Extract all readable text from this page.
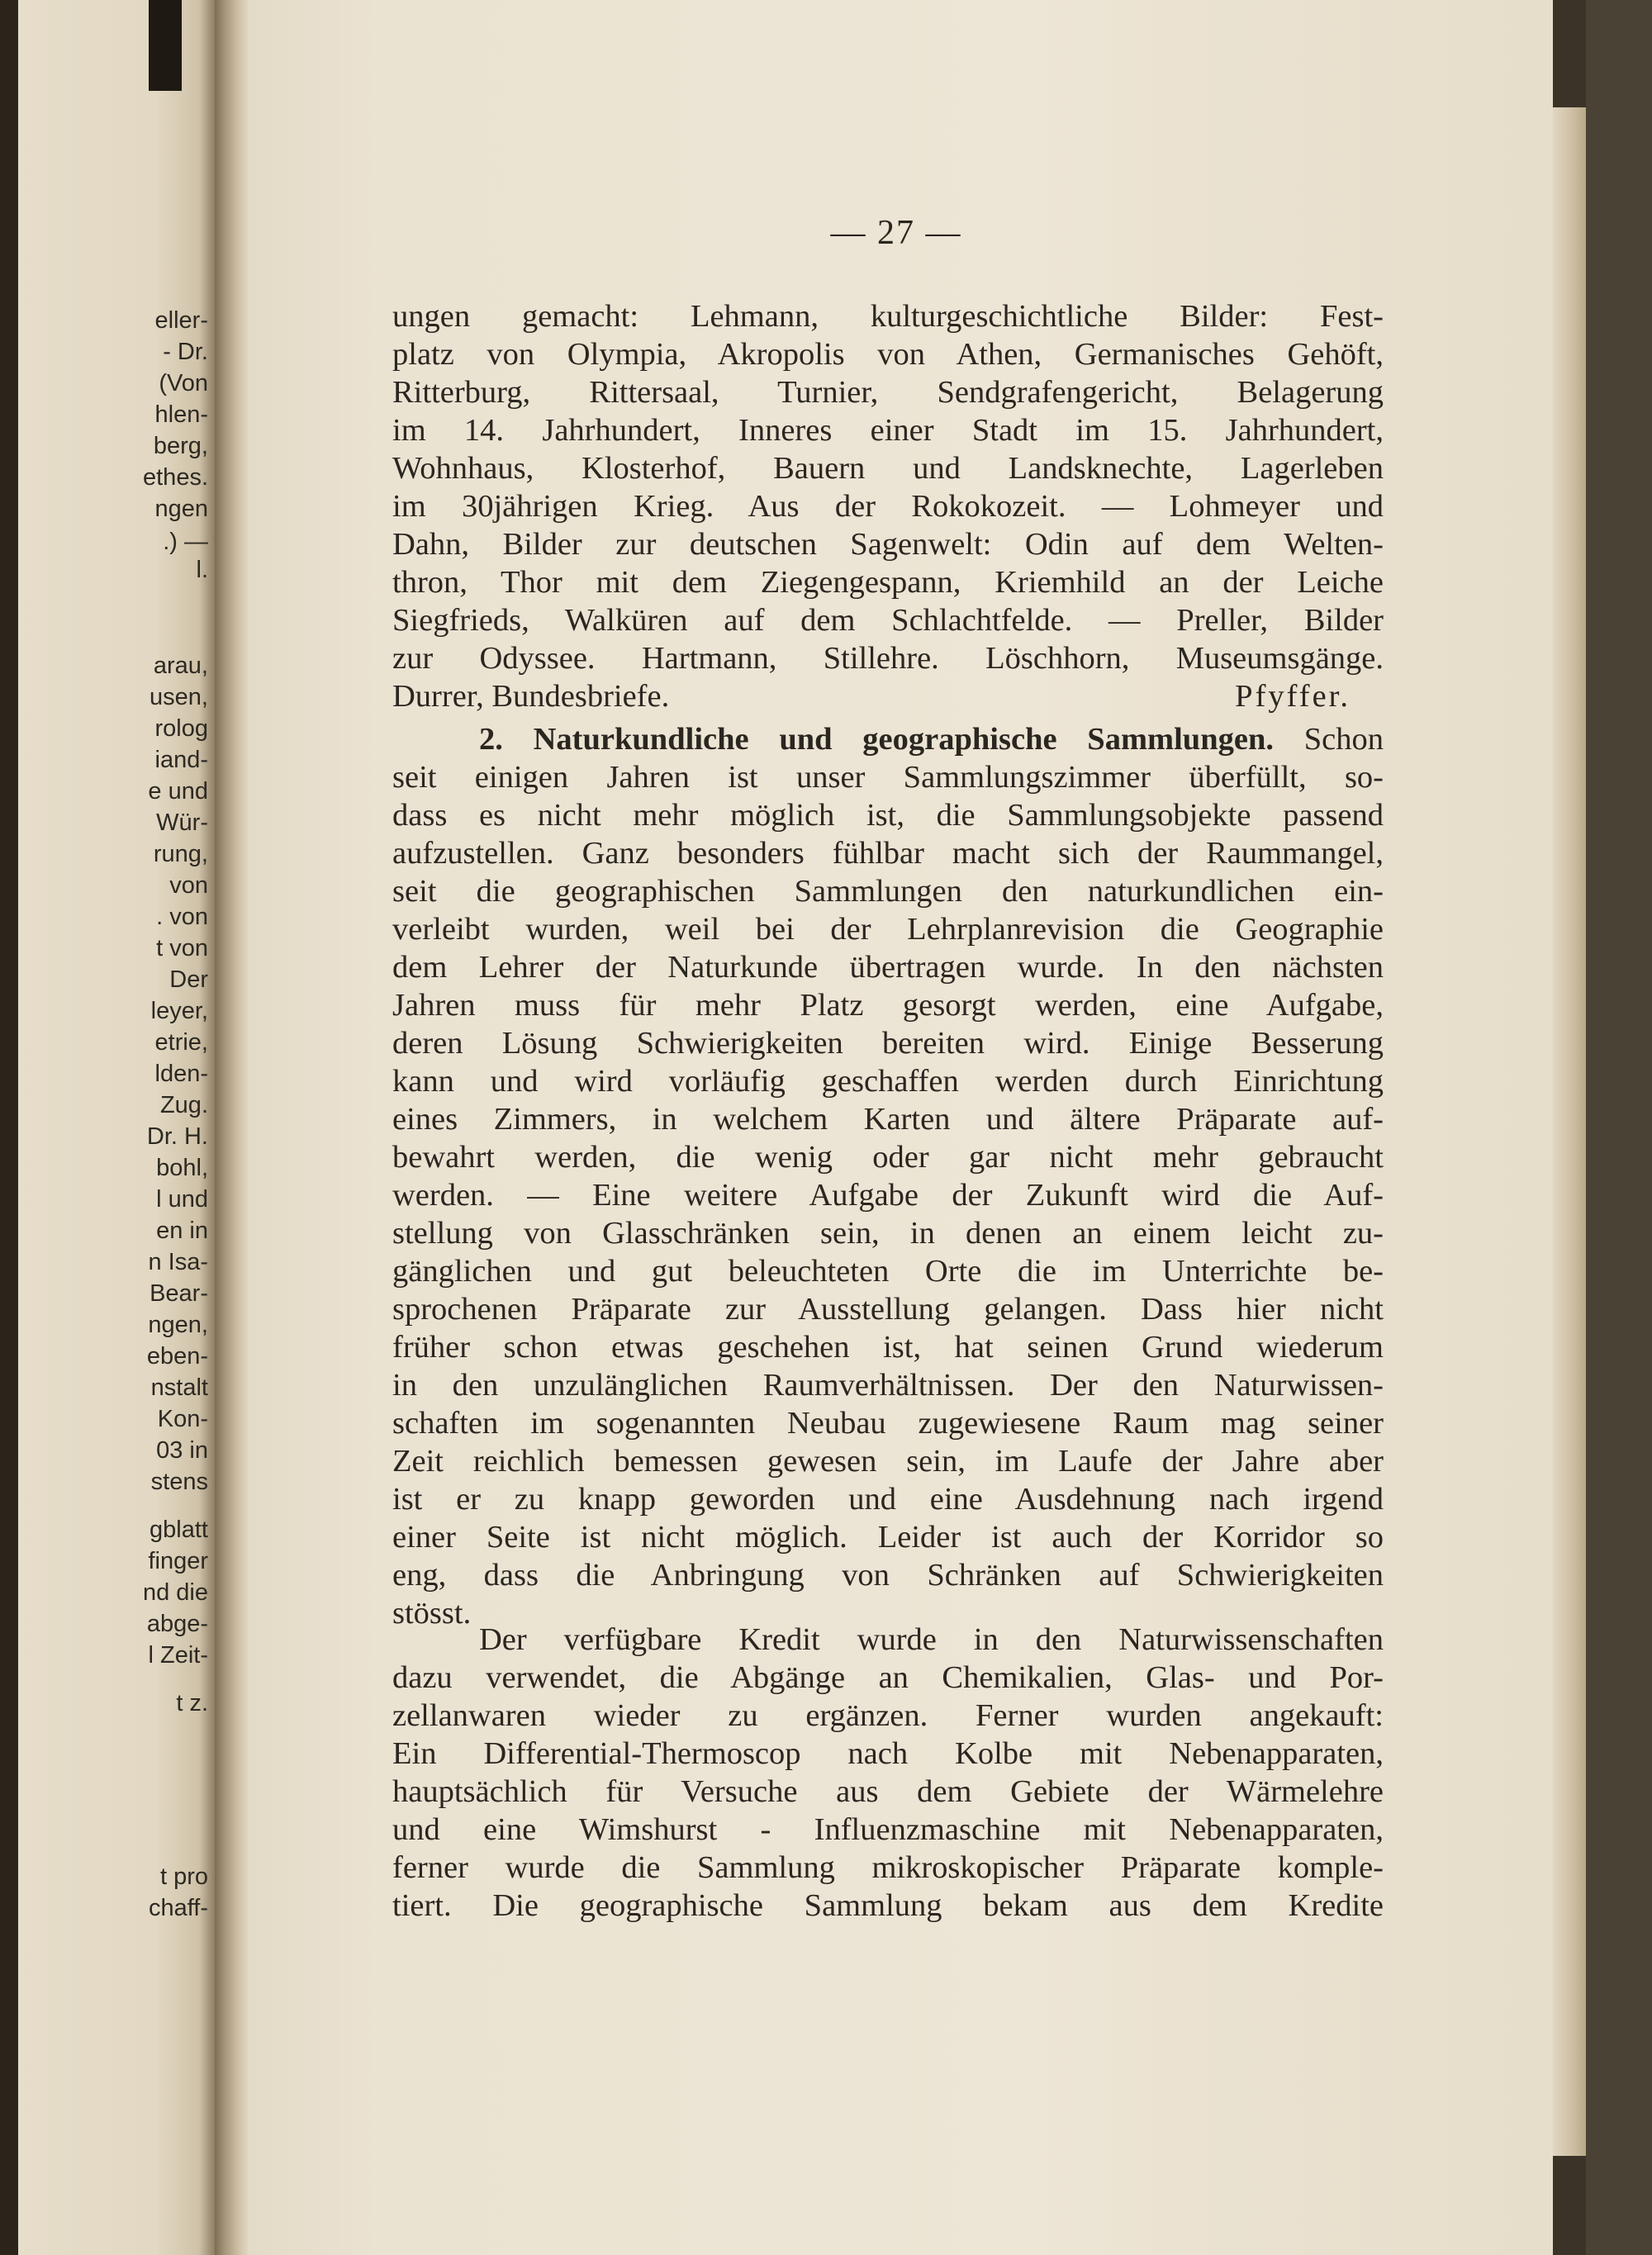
eller-
- Dr.
(Von
hlen-
berg,
ethes.
ngen
.) —
l.
arau,
usen,
rolog
iand-
e und
Wür-
rung,
von
. von
t von
Der
leyer,
etrie,
lden-
Zug.
Dr. H.
bohl,
l und
en in
n Isa-
Bear-
ngen,
eben-
nstalt
Kon-
03 in
stens
gblatt
finger
nd die
abge-
l Zeit-
t z.
t pro
chaff-
— 27 —
ungen gemacht: Lehmann, kulturgeschichtliche Bilder: Fest-
platz von Olympia, Akropolis von Athen, Germanisches Gehöft,
Ritterburg, Rittersaal, Turnier, Sendgrafengericht, Belagerung
im 14. Jahrhundert, Inneres einer Stadt im 15. Jahrhundert,
Wohnhaus, Klosterhof, Bauern und Landsknechte, Lagerleben
im 30jährigen Krieg. Aus der Rokokozeit. — Lohmeyer und
Dahn, Bilder zur deutschen Sagenwelt: Odin auf dem Welten-
thron, Thor mit dem Ziegengespann, Kriemhild an der Leiche
Siegfrieds, Walküren auf dem Schlachtfelde. — Preller, Bilder
zur Odyssee. Hartmann, Stillehre. Löschhorn, Museumsgänge.
Durrer, Bundesbriefe.	Pfyffer.
2. Naturkundliche und geographische Sammlungen. Schon
seit einigen Jahren ist unser Sammlungszimmer überfüllt, so-
dass es nicht mehr möglich ist, die Sammlungsobjekte passend
aufzustellen. Ganz besonders fühlbar macht sich der Raummangel,
seit die geographischen Sammlungen den naturkundlichen ein-
verleibt wurden, weil bei der Lehrplanrevision die Geographie
dem Lehrer der Naturkunde übertragen wurde. In den nächsten
Jahren muss für mehr Platz gesorgt werden, eine Aufgabe,
deren Lösung Schwierigkeiten bereiten wird. Einige Besserung
kann und wird vorläufig geschaffen werden durch Einrichtung
eines Zimmers, in welchem Karten und ältere Präparate auf-
bewahrt werden, die wenig oder gar nicht mehr gebraucht
werden. — Eine weitere Aufgabe der Zukunft wird die Auf-
stellung von Glasschränken sein, in denen an einem leicht zu-
gänglichen und gut beleuchteten Orte die im Unterrichte be-
sprochenen Präparate zur Ausstellung gelangen. Dass hier nicht
früher schon etwas geschehen ist, hat seinen Grund wiederum
in den unzulänglichen Raumverhältnissen. Der den Naturwissen-
schaften im sogenannten Neubau zugewiesene Raum mag seiner
Zeit reichlich bemessen gewesen sein, im Laufe der Jahre aber
ist er zu knapp geworden und eine Ausdehnung nach irgend
einer Seite ist nicht möglich. Leider ist auch der Korridor so
eng, dass die Anbringung von Schränken auf Schwierigkeiten
stösst.
Der verfügbare Kredit wurde in den Naturwissenschaften
dazu verwendet, die Abgänge an Chemikalien, Glas- und Por-
zellanwaren wieder zu ergänzen. Ferner wurden angekauft:
Ein Differential-Thermoscop nach Kolbe mit Nebenapparaten,
hauptsächlich für Versuche aus dem Gebiete der Wärmelehre
und eine Wimshurst - Influenzmaschine mit Nebenapparaten,
ferner wurde die Sammlung mikroskopischer Präparate komple-
tiert. Die geographische Sammlung bekam aus dem Kredite
